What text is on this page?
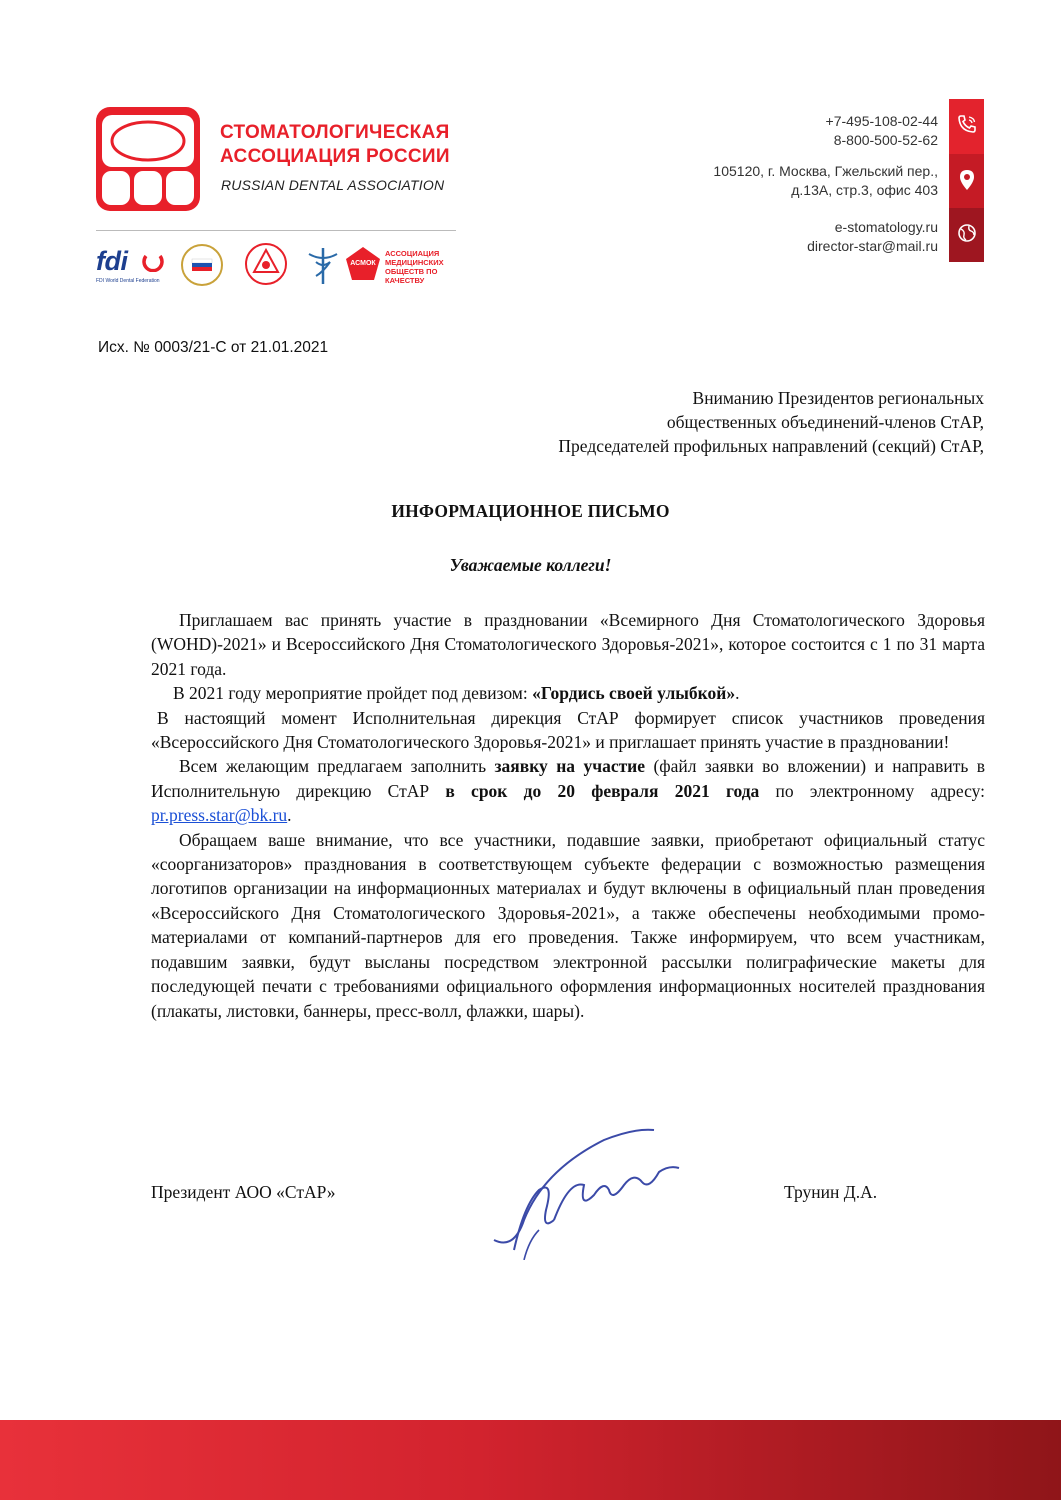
СТОМАТОЛОГИЧЕСКАЯ
АССОЦИАЦИЯ РОССИИ
RUSSIAN DENTAL ASSOCIATION
fdi
FDI World Dental Federation
АСМОК
АССОЦИАЦИЯ МЕДИЦИНСКИХ ОБЩЕСТВ ПО КАЧЕСТВУ
+7-495-108-02-44
8-800-500-52-62
105120, г. Москва, Гжельский пер.,
д.13А, стр.3, офис 403
e-stomatology.ru
director-star@mail.ru
Исх. № 0003/21-С от 21.01.2021
Вниманию Президентов региональных
общественных объединений-членов СтАР,
Председателей профильных направлений (секций) СтАР,
ИНФОРМАЦИОННОЕ ПИСЬМО
Уважаемые коллеги!

Приглашаем вас принять участие в праздновании «Всемирного Дня Стоматологического Здоровья (WOHD)-2021» и Всероссийского Дня Стоматологического Здоровья-2021», которое состоится с 1 по 31 марта 2021 года.

В 2021 году мероприятие пройдет под девизом: «Гордись своей улыбкой».

В настоящий момент Исполнительная дирекция СтАР формирует список участников проведения «Всероссийского Дня Стоматологического Здоровья-2021» и приглашает принять участие в праздновании!

Всем желающим предлагаем заполнить заявку на участие (файл заявки во вложении) и направить в Исполнительную дирекцию СтАР в срок до 20 февраля 2021 года по электронному адресу: pr.press.star@bk.ru.

Обращаем ваше внимание, что все участники, подавшие заявки, приобретают официальный статус «соорганизаторов» празднования в соответствующем субъекте федерации с возможностью размещения логотипов организации на информационных материалах и будут включены в официальный план проведения «Всероссийского Дня Стоматологического Здоровья-2021», а также обеспечены необходимыми промо-материалами от компаний-партнеров для его проведения. Также информируем, что всем участникам, подавшим заявки, будут высланы посредством электронной рассылки полиграфические макеты для последующей печати с требованиями официального оформления информационных носителей празднования (плакаты, листовки, баннеры, пресс-волл, флажки, шары).

Президент АОО «СтАР»	Трунин Д.А.
